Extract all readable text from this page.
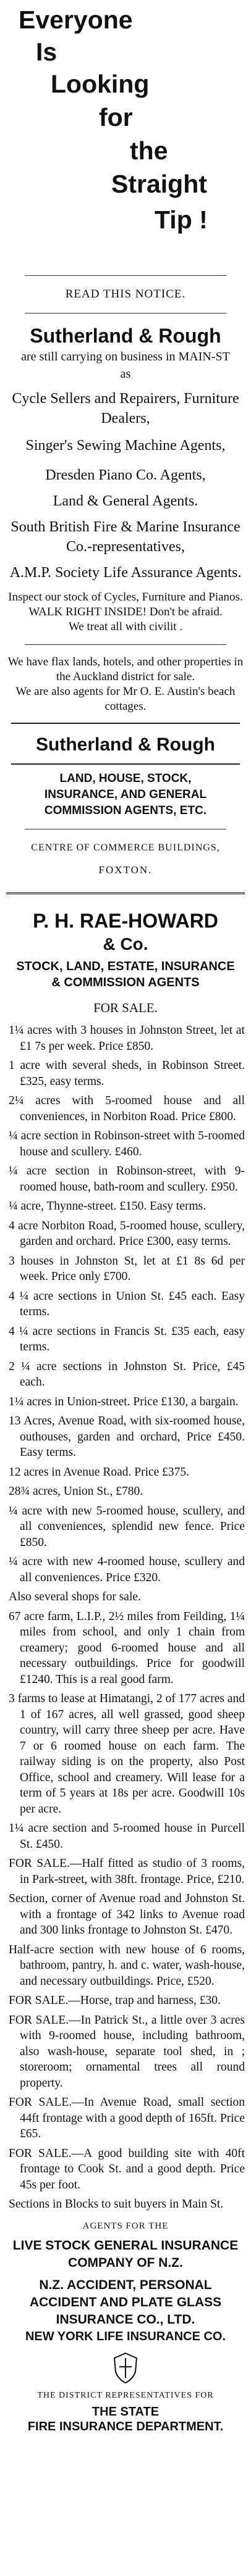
Everyone
Is
Looking
for
the
Straight
Tip !
READ THIS NOTICE.
Sutherland & Rough
are still carrying on business in MAIN-ST as
Cycle Sellers and Repairers, Furniture Dealers,
Singer's Sewing Machine Agents,
Dresden Piano Co. Agents,
Land & General Agents.
South British Fire & Marine Insurance Co.-representatives,
A.M.P. Society Life Assurance Agents.
Inspect our stock of Cycles, Furniture and Pianos.
WALK RIGHT INSIDE! Don't be afraid. We treat all with civilit .
We have flax lands, hotels, and other properties in the Auckland district for sale.
We are also agents for Mr O. E. Austin's beach cottages.
Sutherland & Rough
LAND, HOUSE, STOCK, INSURANCE, AND GENERAL COMMISSION AGENTS, ETC.
CENTRE OF COMMERCE BUILDINGS,
FOXTON.
P. H. RAE-HOWARD
& Co.
STOCK, LAND, ESTATE, INSURANCE & COMMISSION AGENTS
FOR SALE.

1¼ acres with 3 houses in Johnston Street, let at £1 7s per week. Price £850.

1 acre with several sheds, in Robinson Street. £325, easy terms.

2¼ acres with 5-roomed house and all conveniences, in Norbiton Road. Price £800.

¼ acre section in Robinson-street with 5-roomed house and scullery. £460.

¼ acre section in Robinson-street, with 9-roomed house, bath-room and scullery. £950.

¼ acre, Thynne-street. £150. Easy terms.

4 acre Norbiton Road, 5-roomed house, scullery, garden and orchard. Price £300, easy terms.

3 houses in Johnston St, let at £1 8s 6d per week. Price only £700.

4 ¼ acre sections in Union St. £45 each. Easy terms.

4 ¼ acre sections in Francis St. £35 each, easy terms.

2 ¼ acre sections in Johnston St. Price, £45 each.

1¼ acres in Union-street. Price £130, a bargain.

13 Acres, Avenue Road, with six-roomed house, outhouses, garden and orchard, Price £450. Easy terms.

12 acres in Avenue Road. Price £375.

28¾ acres, Union St., £780.

¼ acre with new 5-roomed house, scullery, and all conveniences, splendid new fence. Price £850.

¼ acre with new 4-roomed house, scullery and all conveniences. Price £320.

Also several shops for sale.

67 acre farm, L.I.P., 2½ miles from Feilding, 1¼ miles from school, and only 1 chain from creamery; good 6-roomed house and all necessary outbuildings. Price for goodwill £1240. This is a real good farm.

3 farms to lease at Himatangi, 2 of 177 acres and 1 of 167 acres, all well grassed, good sheep country, will carry three sheep per acre. Have 7 or 6 roomed house on each farm. The railway siding is on the property, also Post Office, school and creamery. Will lease for a term of 5 years at 18s per acre. Goodwill 10s per acre.

1¼ acre section and 5-roomed house in Purcell St. £450.

FOR SALE.—Half fitted as studio of 3 rooms, in Park-street, with 38ft. frontage. Price, £210.

Section, corner of Avenue road and Johnston St. with a frontage of 342 links to Avenue road and 300 links frontage to Johnston St. £470.

Half-acre section with new house of 6 rooms, bathroom, pantry, h. and c. water, wash-house, and necessary outbuildings. Price, £520.

FOR SALE.—Horse, trap and harness, £30.

FOR SALE.—In Patrick St., a little over 3 acres with 9-roomed house, including bathroom, also wash-house, separate tool shed, in ; storeroom; ornamental trees all round property.

FOR SALE.—In Avenue Road, small section 44ft frontage with a good depth of 165ft. Price £65.

FOR SALE.—A good building site with 40ft frontage to Cook St. and a good depth. Price 45s per foot.

Sections in Blocks to suit buyers in Main St.

AGENTS FOR THE
LIVE STOCK GENERAL INSURANCE COMPANY OF N.Z.
N.Z. ACCIDENT, PERSONAL ACCIDENT AND PLATE GLASS INSURANCE CO., LTD.
NEW YORK LIFE INSURANCE CO.
THE DISTRICT REPRESENTATIVES FOR
THE STATE
FIRE INSURANCE DEPARTMENT.
